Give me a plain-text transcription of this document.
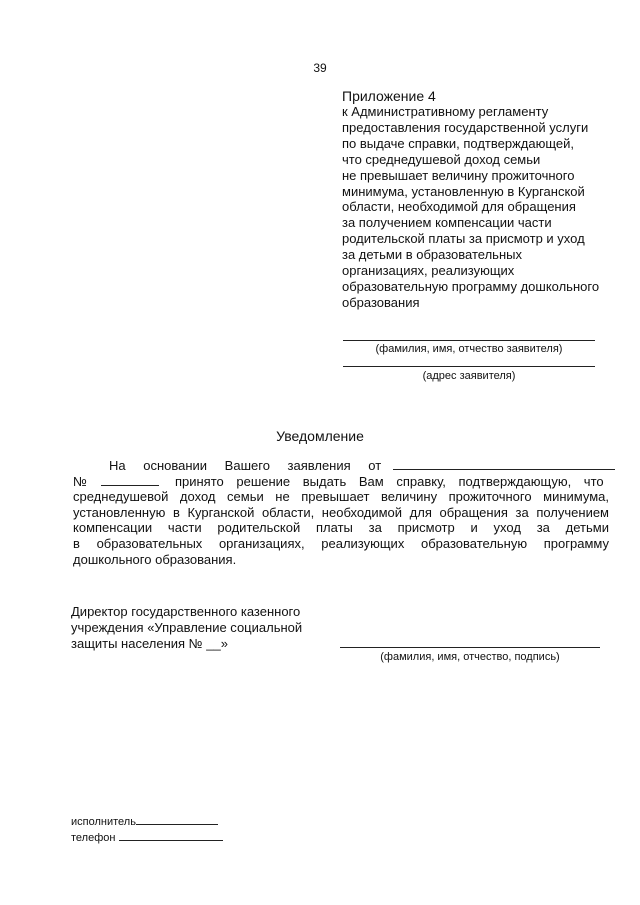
39
Приложение 4
к Административному регламенту
предоставления государственной услуги
по выдаче справки, подтверждающей,
что среднедушевой доход семьи
не превышает величину прожиточного
минимума, установленную в Курганской
области, необходимой для обращения
за получением компенсации части
родительской платы за присмотр и уход
за детьми в образовательных
организациях, реализующих
образовательную программу дошкольного
образования
(фамилия, имя, отчество заявителя)
(адрес заявителя)
Уведомление
На основании Вашего заявления от
№	принято решение выдать Вам справку, подтверждающую, что
среднедушевой доход семьи не превышает величину прожиточного минимума,
установленную в Курганской области, необходимой для обращения за получением
компенсации части родительской платы за присмотр и уход за детьми
в образовательных организациях, реализующих образовательную программу
дошкольного образования.
Директор государственного казенного
учреждения «Управление социальной
защиты населения № __»
(фамилия, имя, отчество, подпись)
исполнитель
телефон
